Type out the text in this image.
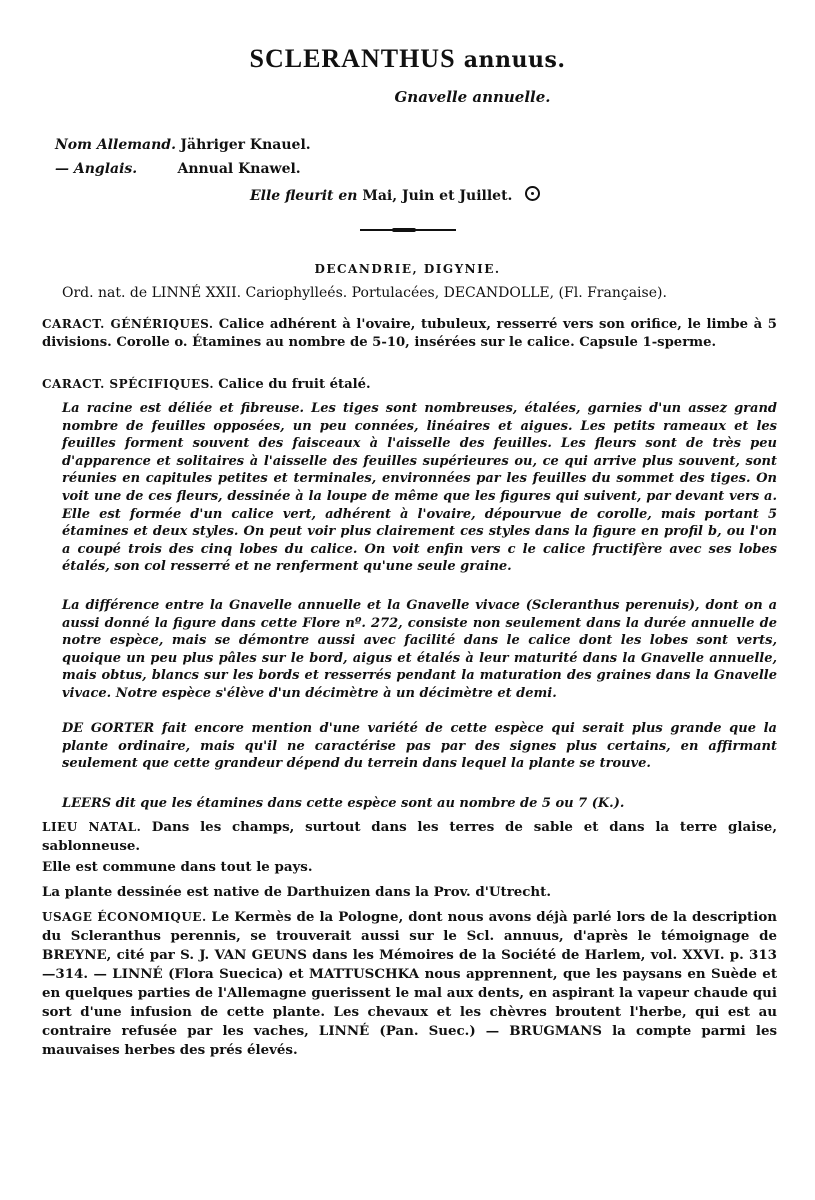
SCLERANTHUS annuus.
Gnavelle annuelle.
Nom Allemand. Jähriger Knauel.
— Anglais.	Annual Knawel.
Elle fleurit en Mai, Juin et Juillet.
DECANDRIE, DIGYNIE.
Ord. nat. de LINNÉ XXII. Cariophylleés. Portulacées, DECANDOLLE, (Fl. Française).

CARACT. GÉNÉRIQUES. Calice adhérent à l'ovaire, tubuleux, resserré vers son orifice, le limbe à 5 divisions. Corolle o. Étamines au nombre de 5-10, insérées sur le calice. Capsule 1-sperme.

CARACT. SPÉCIFIQUES. Calice du fruit étalé.

La racine est déliée et fibreuse. Les tiges sont nombreuses, étalées, garnies d'un assez grand nombre de feuilles opposées, un peu connées, linéaires et aigues. Les petits rameaux et les feuilles forment souvent des faisceaux à l'aisselle des feuilles. Les fleurs sont de très peu d'apparence et solitaires à l'aisselle des feuilles supérieures ou, ce qui arrive plus souvent, sont réunies en capitules petites et terminales, environnées par les feuilles du sommet des tiges. On voit une de ces fleurs, dessinée à la loupe de même que les figures qui suivent, par devant vers a. Elle est formée d'un calice vert, adhérent à l'ovaire, dépourvue de corolle, mais portant 5 étamines et deux styles. On peut voir plus clairement ces styles dans la figure en profil b, ou l'on a coupé trois des cinq lobes du calice. On voit enfin vers c le calice fructifère avec ses lobes étalés, son col resserré et ne renferment qu'une seule graine.

La différence entre la Gnavelle annuelle et la Gnavelle vivace (Scleranthus perenuis), dont on a aussi donné la figure dans cette Flore nº. 272, consiste non seulement dans la durée annuelle de notre espèce, mais se démontre aussi avec facilité dans le calice dont les lobes sont verts, quoique un peu plus pâles sur le bord, aigus et étalés à leur maturité dans la Gnavelle annuelle, mais obtus, blancs sur les bords et resserrés pendant la maturation des graines dans la Gnavelle vivace. Notre espèce s'élève d'un décimètre à un décimètre et demi.

DE GORTER fait encore mention d'une variété de cette espèce qui serait plus grande que la plante ordinaire, mais qu'il ne caractérise pas par des signes plus certains, en affirmant seulement que cette grandeur dépend du terrein dans lequel la plante se trouve.

LEERS dit que les étamines dans cette espèce sont au nombre de 5 ou 7 (K.).

LIEU NATAL. Dans les champs, surtout dans les terres de sable et dans la terre glaise, sablonneuse.

Elle est commune dans tout le pays.
La plante dessinée est native de Darthuizen dans la Prov. d'Utrecht.

USAGE ÉCONOMIQUE. Le Kermès de la Pologne, dont nous avons déjà parlé lors de la description du Scleranthus perennis, se trouverait aussi sur le Scl. annuus, d'après le témoignage de BREYNE, cité par S. J. VAN GEUNS dans les Mémoires de la Société de Harlem, vol. XXVI. p. 313—314. — LINNÉ (Flora Suecica) et MATTUSCHKA nous apprennent, que les paysans en Suède et en quelques parties de l'Allemagne guerissent le mal aux dents, en aspirant la vapeur chaude qui sort d'une infusion de cette plante. Les chevaux et les chèvres broutent l'herbe, qui est au contraire refusée par les vaches, LINNÉ (Pan. Suec.) — BRUGMANS la compte parmi les mauvaises herbes des prés élevés.
